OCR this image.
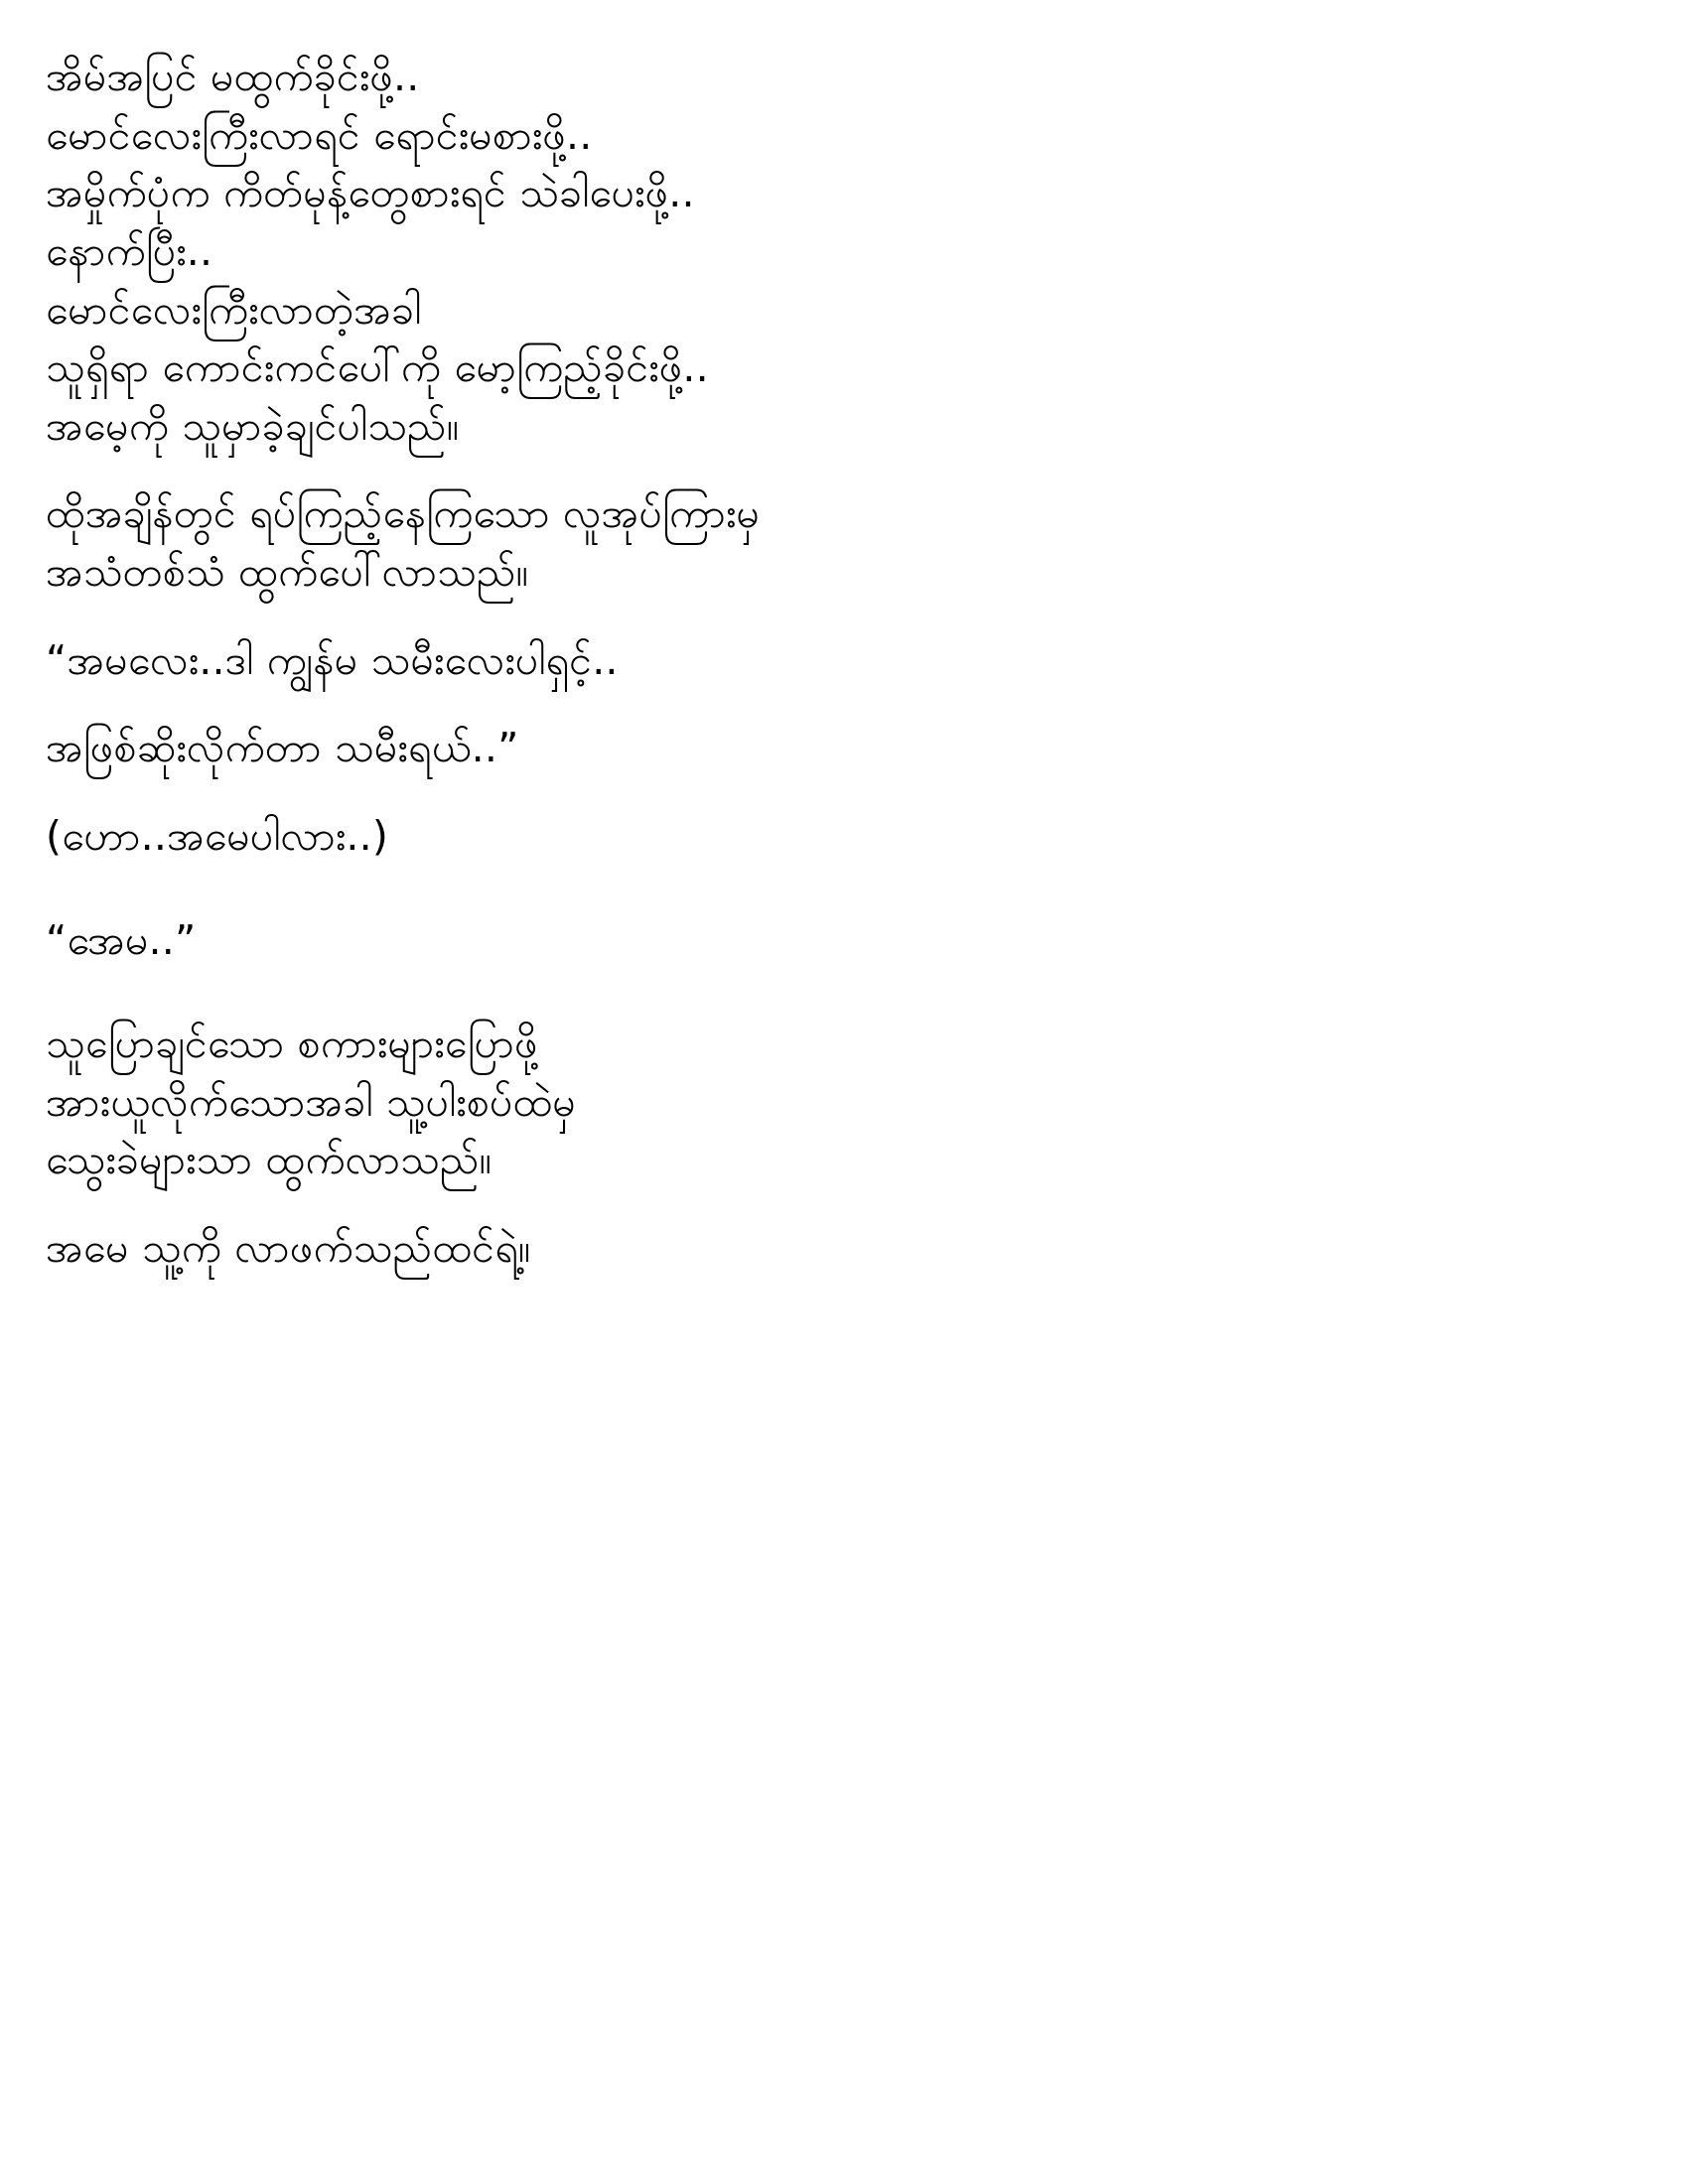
အိမ်အပြင် မထွက်ခိုင်းဖို့..
မောင်လေးကြီးလာရင် ရောင်းမစားဖို့..
အမှိုက်ပုံက ကိတ်မုန့်တွေစားရင် သဲခါပေးဖို့..
နောက်ပြီး..
မောင်လေးကြီးလာတဲ့အခါ
သူရှိရာ ကောင်းကင်ပေါ်ကို မော့ကြည့်ခိုင်းဖို့..
အမေ့ကို သူမှာခဲ့ချင်ပါသည်။
ထိုအချိန်တွင် ရပ်ကြည့်နေကြသော လူအုပ်ကြားမှ
အသံတစ်သံ ထွက်ပေါ်လာသည်။
“အမလေး..ဒါ ကျွန်မ သမီးလေးပါရှင့်..
အဖြစ်ဆိုးလိုက်တာ သမီးရယ်..”
(ဟော..အမေပါလား..)
“အေမ..”
သူပြောချင်သော စကားများပြောဖို့
အားယူလိုက်သောအခါ သူ့ပါးစပ်ထဲမှ
သွေးခဲများသာ ထွက်လာသည်။
အမေ သူ့ကို လာဖက်သည်ထင်ရဲ့။
